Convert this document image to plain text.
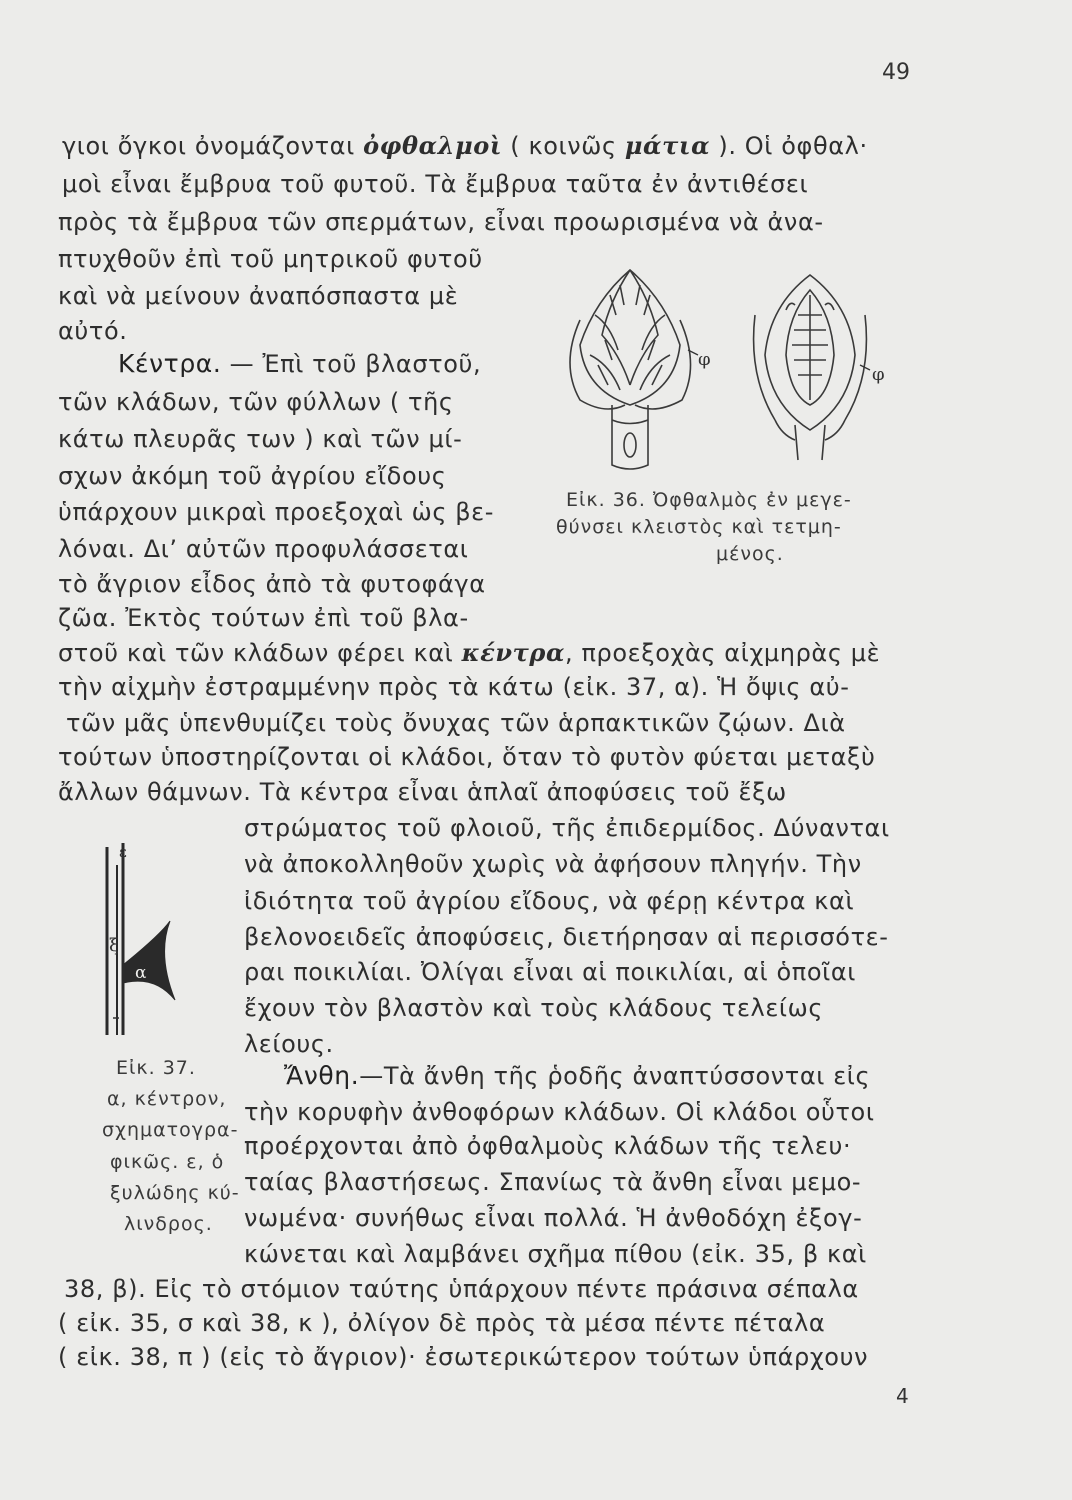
49
γιοι ὄγκοι ὀνομάζονται ὀφθαλμοὶ ( κοινῶς μάτια ). Οἱ ὀφθαλ·
μοὶ εἶναι ἔμβρυα τοῦ φυτοῦ. Τὰ ἔμβρυα ταῦτα ἐν ἀντιθέσει
πρὸς τὰ ἔμβρυα τῶν σπερμάτων, εἶναι προωρισμένα νὰ ἀνα-
πτυχθοῦν ἐπὶ τοῦ μητρικοῦ φυτοῦ
καὶ νὰ μείνουν ἀναπόσπαστα μὲ
αὐτό.
Κέντρα. — Ἐπὶ τοῦ βλαστοῦ,
τῶν κλάδων, τῶν φύλλων ( τῆς
κάτω πλευρᾶς των ) καὶ τῶν μί-
σχων ἀκόμη τοῦ ἀγρίου εἴδους
ὑπάρχουν μικραὶ προεξοχαὶ ὡς βε-
λόναι. Δι’ αὐτῶν προφυλάσσεται
τὸ ἄγριον εἶδος ἀπὸ τὰ φυτοφάγα
ζῶα. Ἐκτὸς τούτων ἐπὶ τοῦ βλα-
στοῦ καὶ τῶν κλάδων φέρει καὶ κέντρα, προεξοχὰς αἰχμηρὰς μὲ
τὴν αἰχμὴν ἐστραμμένην πρὸς τὰ κάτω (εἰκ. 37, α). Ἡ ὄψις αὐ-
τῶν μᾶς ὑπενθυμίζει τοὺς ὄνυχας τῶν ἁρπακτικῶν ζῴων. Διὰ
τούτων ὑποστηρίζονται οἱ κλάδοι, ὅταν τὸ φυτὸν φύεται μεταξὺ
ἄλλων θάμνων. Τὰ κέντρα εἶναι ἁπλαῖ ἀποφύσεις τοῦ ἔξω
στρώματος τοῦ φλοιοῦ, τῆς ἐπιδερμίδος. Δύνανται
νὰ ἀποκολληθοῦν χωρὶς νὰ ἀφήσουν πληγήν. Τὴν
ἰδιότητα τοῦ ἀγρίου εἴδους, νὰ φέρῃ κέντρα καὶ
βελονοειδεῖς ἀποφύσεις, διετήρησαν αἱ περισσότε-
ραι ποικιλίαι. Ὀλίγαι εἶναι αἱ ποικιλίαι, αἱ ὁποῖαι
ἔχουν τὸν βλαστὸν καὶ τοὺς κλάδους τελείως
λείους.
Ἄνθη.—Τὰ ἄνθη τῆς ῥοδῆς ἀναπτύσσονται εἰς
τὴν κορυφὴν ἀνθοφόρων κλάδων. Οἱ κλάδοι οὗτοι
προέρχονται ἀπὸ ὀφθαλμοὺς κλάδων τῆς τελευ·
ταίας βλαστήσεως. Σπανίως τὰ ἄνθη εἶναι μεμο-
νωμένα· συνήθως εἶναι πολλά. Ἡ ἀνθοδόχη ἐξογ-
κώνεται καὶ λαμβάνει σχῆμα πίθου (εἰκ. 35, β καὶ
38, β). Εἰς τὸ στόμιον ταύτης ὑπάρχουν πέντε πράσινα σέπαλα
( εἰκ. 35, σ καὶ 38, κ ), ὀλίγον δὲ πρὸς τὰ μέσα πέντε πέταλα
( εἰκ. 38, π ) (εἰς τὸ ἄγριον)· ἐσωτερικώτερον τούτων ὑπάρχουν
4
φ
φ
Εἰκ. 36. Ὀφθαλμὸς ἐν μεγε-
θύνσει κλειστὸς καὶ τετμη-
μένος.
ε
ξ
α
Εἰκ. 37.
α, κέντρον,
σχηματογρα-
φικῶς. ε, ὁ
ξυλώδης κύ-
λινδρος.
